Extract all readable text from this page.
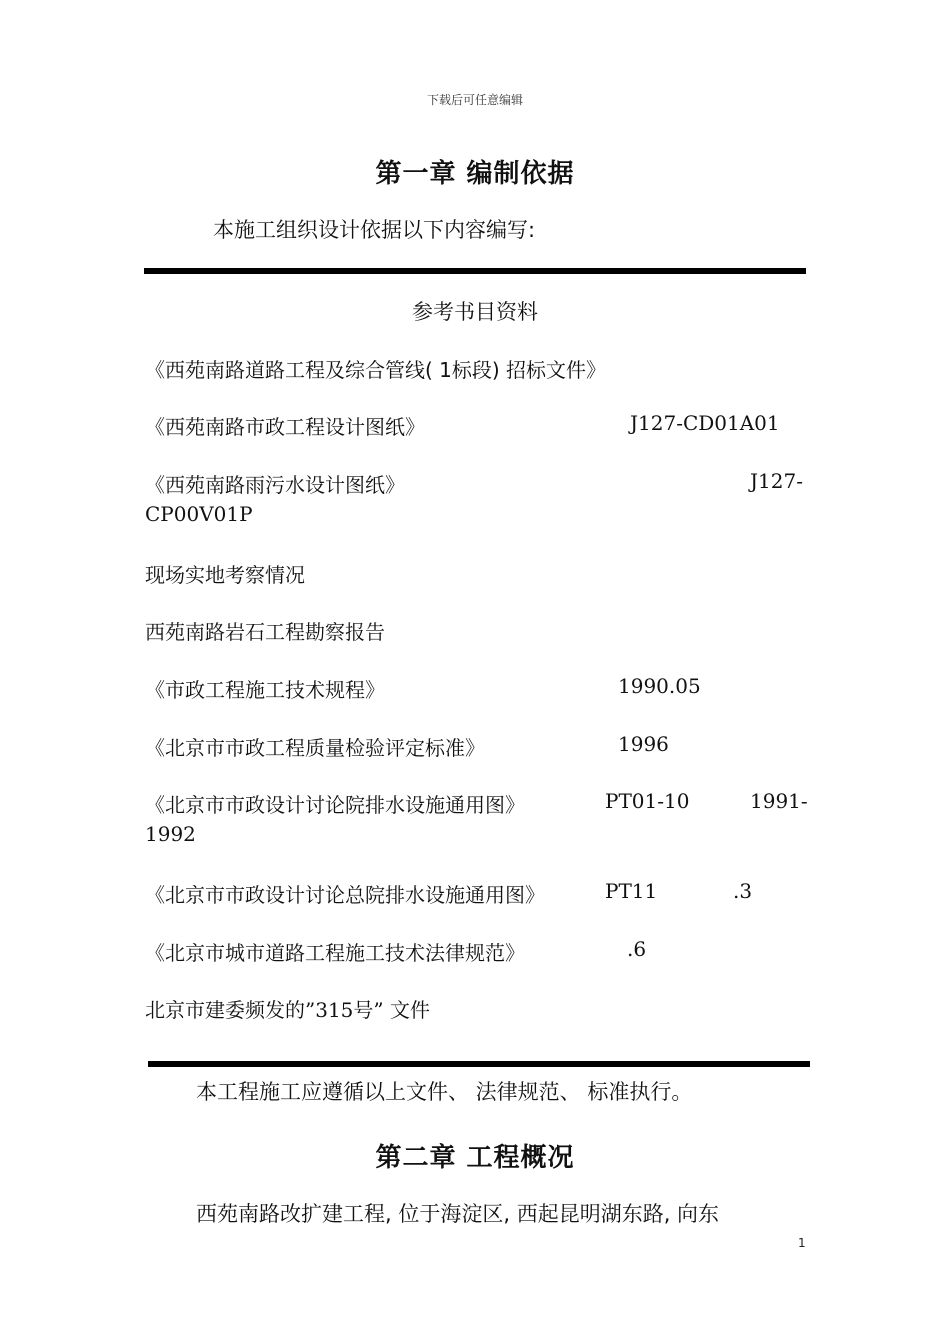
下载后可任意编辑
第一章 编制依据
本施工组织设计依据以下内容编写:
参考书目资料
《西苑南路道路工程及综合管线( 1标段) 招标文件》
《西苑南路市政工程设计图纸》	J127-CD01A01
《西苑南路雨污水设计图纸》	J127-
CP00V01P
现场实地考察情况
西苑南路岩石工程勘察报告
《市政工程施工技术规程》	1990.05
《北京市市政工程质量检验评定标准》	1996
《北京市市政设计讨论院排水设施通用图》	PT01-10	1991-
1992
《北京市市政设计讨论总院排水设施通用图》	PT11	.3
《北京市城市道路工程施工技术法律规范》	.6
北京市建委频发的”315号” 文件
本工程施工应遵循以上文件、 法律规范、 标准执行。
第二章 工程概况
西苑南路改扩建工程, 位于海淀区, 西起昆明湖东路, 向东
1
